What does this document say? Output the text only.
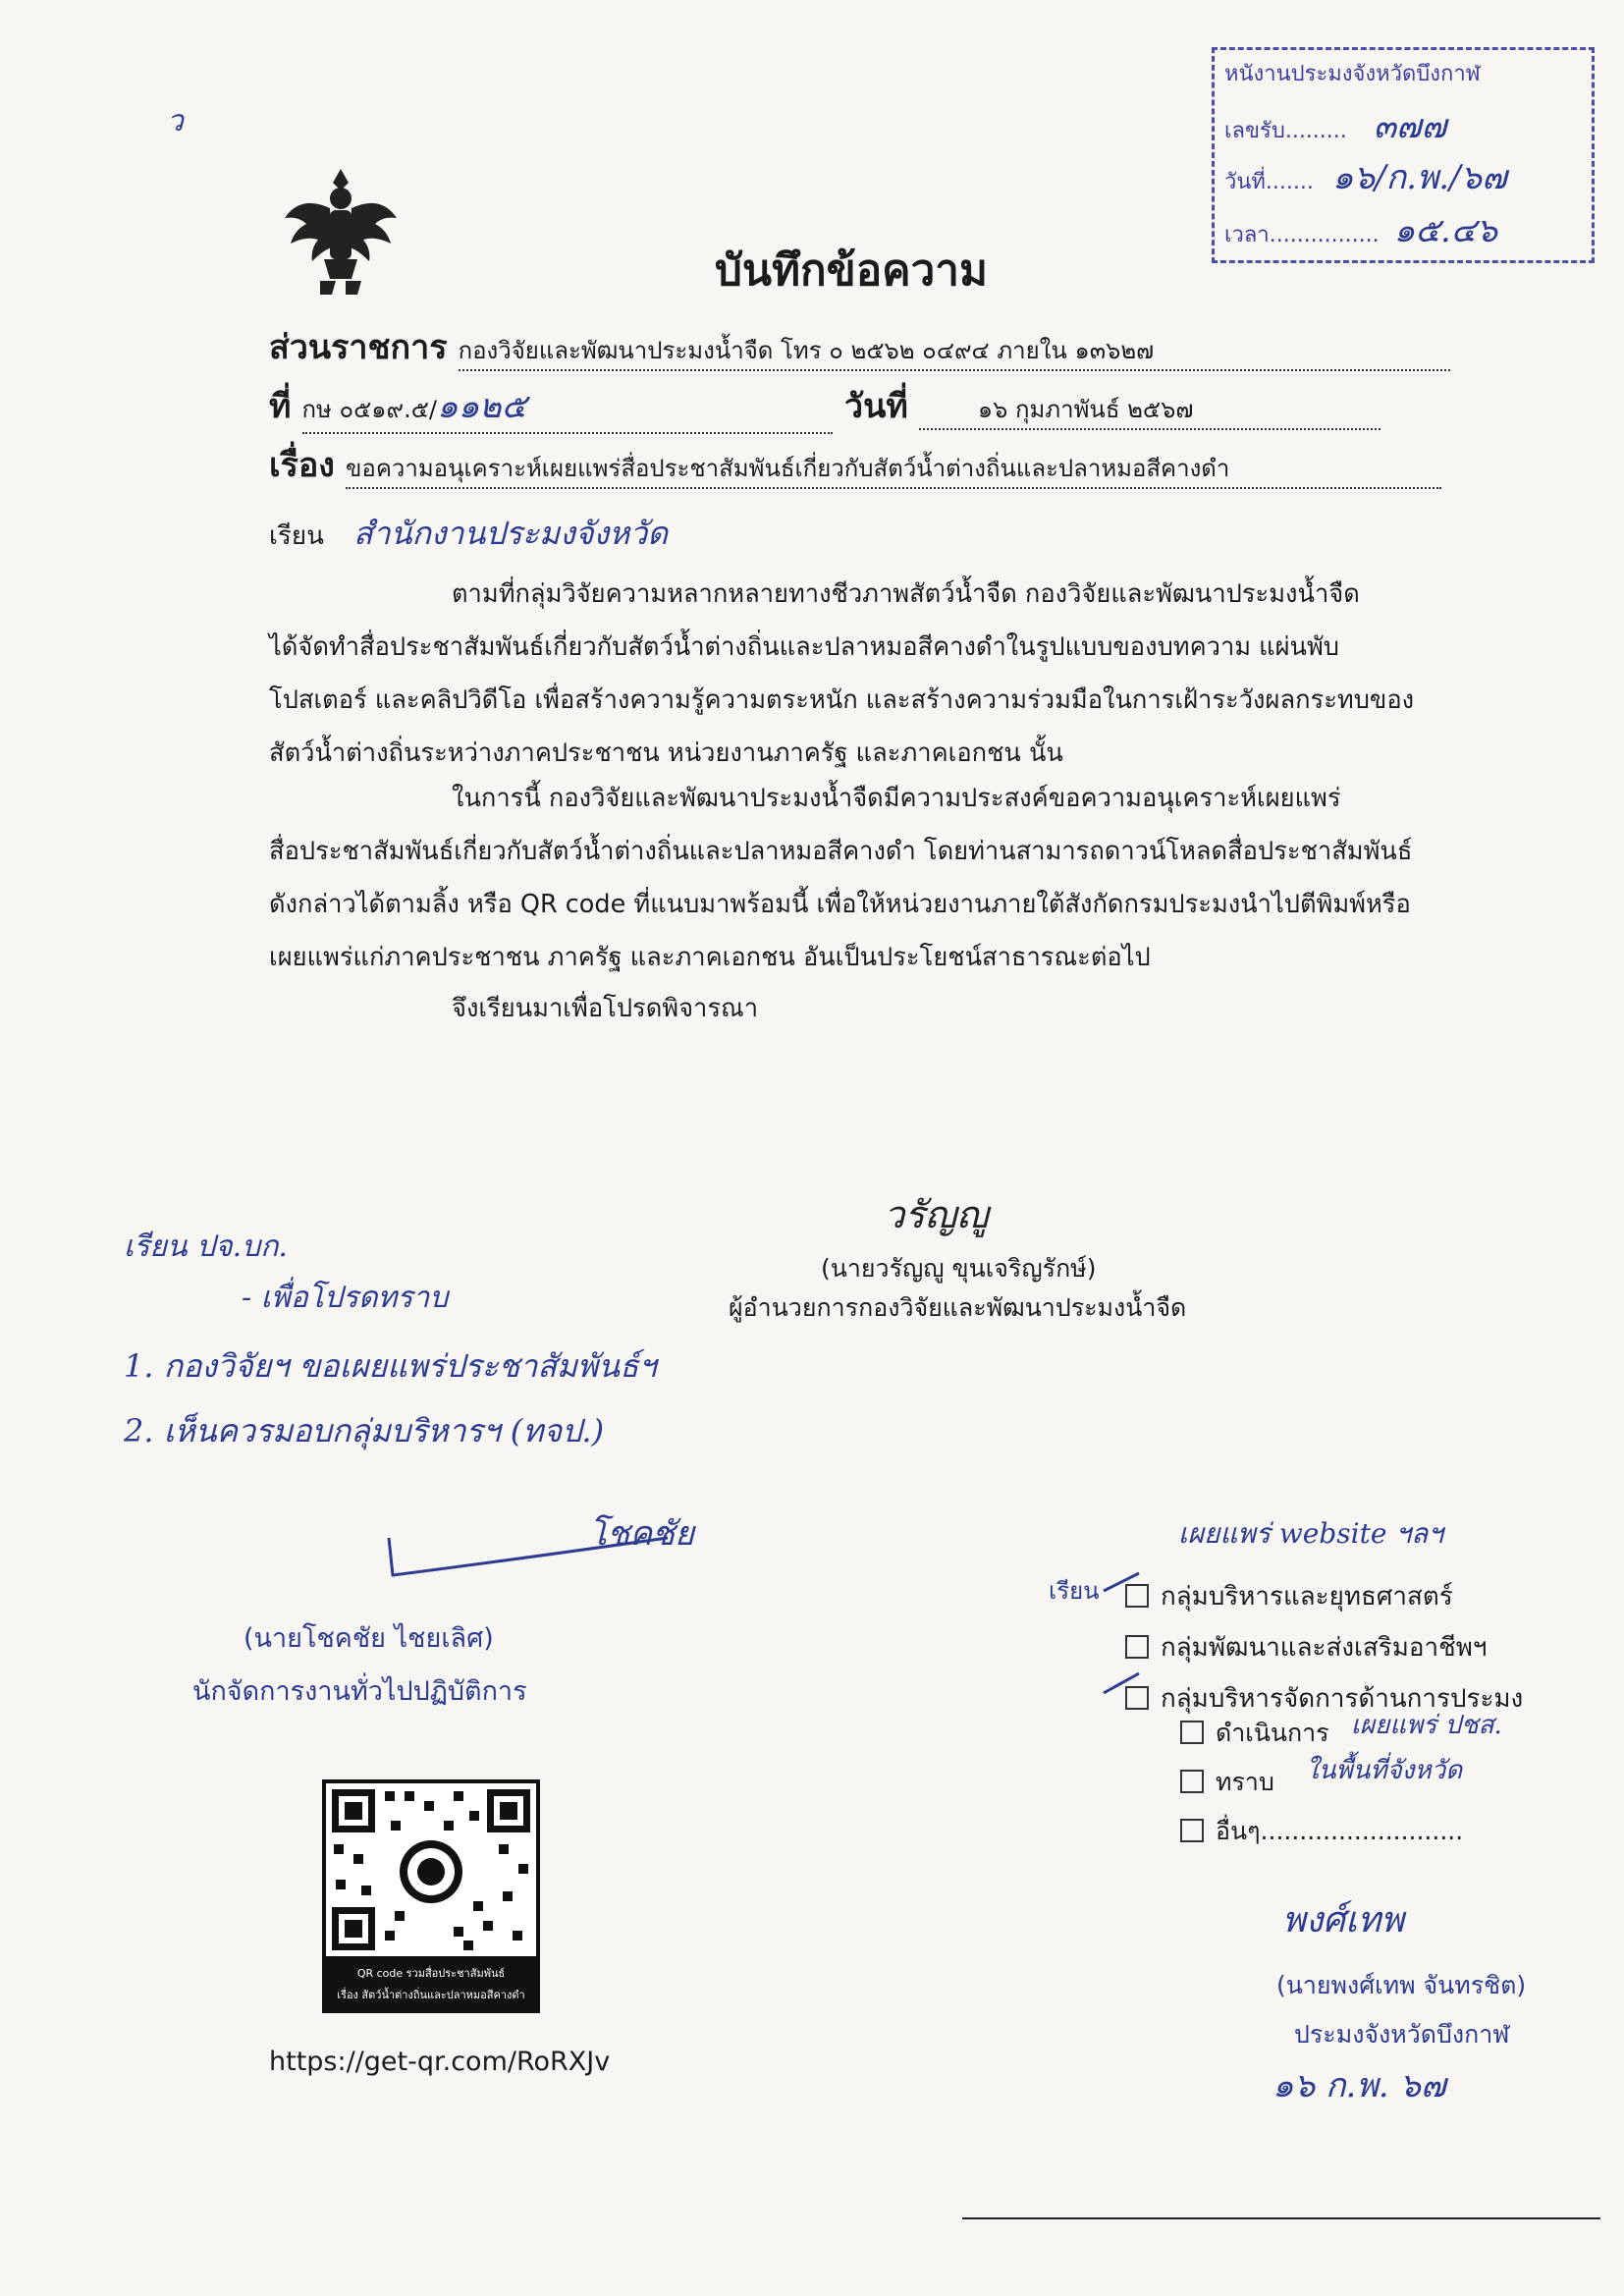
ว
หนังานประมงจังหวัดบึงกาฬ
เลขรับ......... ๓๗๗
วันที่....... ๑๖/ก.พ./๖๗
เวลา................ ๑๕.๔๖
บันทึกข้อความ
ส่วนราชการ กองวิจัยและพัฒนาประมงน้ำจืด โทร ๐ ๒๕๖๒ ๐๔๙๔ ภายใน ๑๓๖๒๗
ที่ กษ ๐๕๑๙.๕/๑๑๒๕	วันที่	๑๖ กุมภาพันธ์ ๒๕๖๗
เรื่อง ขอความอนุเคราะห์เผยแพร่สื่อประชาสัมพันธ์เกี่ยวกับสัตว์น้ำต่างถิ่นและปลาหมอสีคางดำ
เรียน สำนักงานประมงจังหวัด
ตามที่กลุ่มวิจัยความหลากหลายทางชีวภาพสัตว์น้ำจืด กองวิจัยและพัฒนาประมงน้ำจืด
ได้จัดทำสื่อประชาสัมพันธ์เกี่ยวกับสัตว์น้ำต่างถิ่นและปลาหมอสีคางดำในรูปแบบของบทความ แผ่นพับ
โปสเตอร์ และคลิปวิดีโอ เพื่อสร้างความรู้ความตระหนัก และสร้างความร่วมมือในการเฝ้าระวังผลกระทบของ
สัตว์น้ำต่างถิ่นระหว่างภาคประชาชน หน่วยงานภาครัฐ และภาคเอกชน นั้น
ในการนี้ กองวิจัยและพัฒนาประมงน้ำจืดมีความประสงค์ขอความอนุเคราะห์เผยแพร่
สื่อประชาสัมพันธ์เกี่ยวกับสัตว์น้ำต่างถิ่นและปลาหมอสีคางดำ โดยท่านสามารถดาวน์โหลดสื่อประชาสัมพันธ์
ดังกล่าวได้ตามลิ้ง หรือ QR code ที่แนบมาพร้อมนี้ เพื่อให้หน่วยงานภายใต้สังกัดกรมประมงนำไปตีพิมพ์หรือ
เผยแพร่แก่ภาคประชาชน ภาครัฐ และภาคเอกชน อันเป็นประโยชน์สาธารณะต่อไป
จึงเรียนมาเพื่อโปรดพิจารณา
วรัญญู
(นายวรัญญู ขุนเจริญรักษ์)
ผู้อำนวยการกองวิจัยและพัฒนาประมงน้ำจืด
เรียน ปจ.บก.
- เพื่อโปรดทราบ
1. กองวิจัยฯ ขอเผยแพร่ประชาสัมพันธ์ฯ
2. เห็นควรมอบกลุ่มบริหารฯ (ทจป.)
โชคชัย
(นายโชคชัย ไชยเลิศ)
นักจัดการงานทั่วไปปฏิบัติการ
เผยแพร่ website ฯลฯ
เรียน	กลุ่มบริหารและยุทธศาสตร์
กลุ่มพัฒนาและส่งเสริมอาชีพฯ
กลุ่มบริหารจัดการด้านการประมง
ดำเนินการ
ทราบ
อื่นๆ..........................
เผยแพร่ ปชส.
ในพื้นที่จังหวัด
พงศ์เทพ
(นายพงศ์เทพ จันทรชิต)
ประมงจังหวัดบึงกาฬ
๑๖ ก.พ. ๖๗
QR code รวมสื่อประชาสัมพันธ์
เรื่อง สัตว์น้ำต่างถิ่นและปลาหมอสีคางดำ
https://get-qr.com/RoRXJv
